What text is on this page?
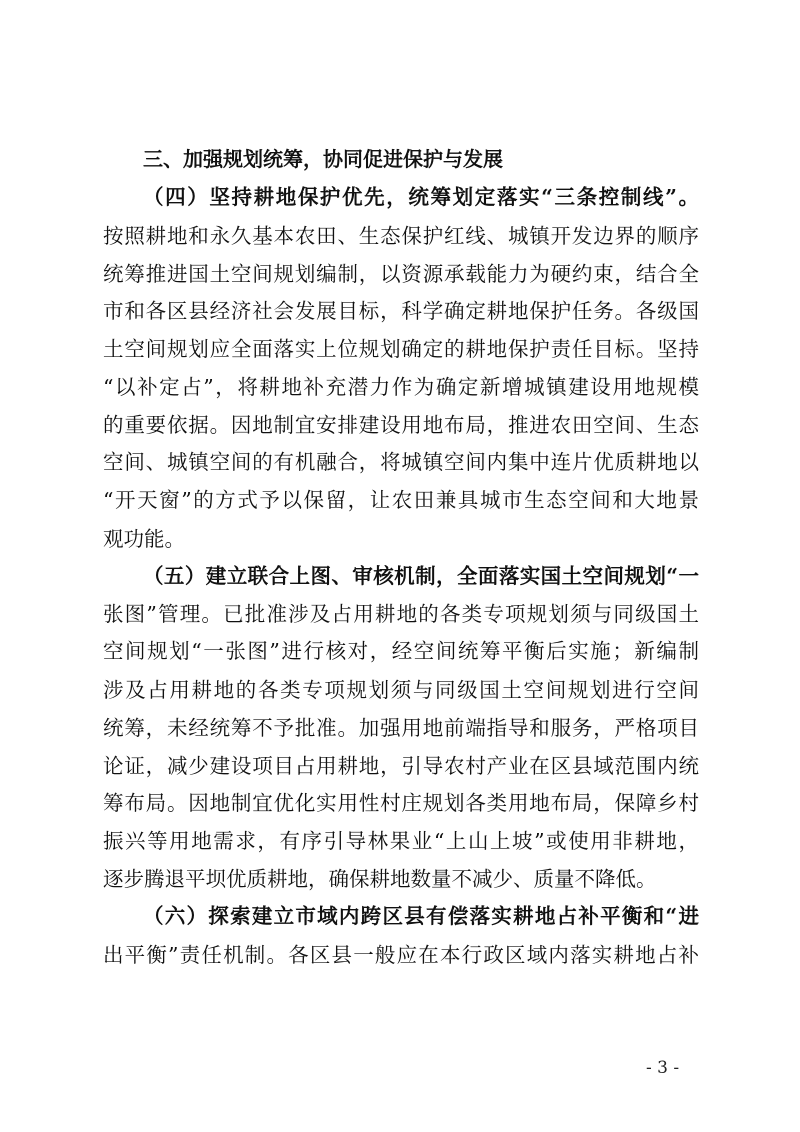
三、加强规划统筹，协同促进保护与发展
（四）坚持耕地保护优先，统筹划定落实“三条控制线”。
按照耕地和永久基本农田、生态保护红线、城镇开发边界的顺序
统筹推进国土空间规划编制，以资源承载能力为硬约束，结合全
市和各区县经济社会发展目标，科学确定耕地保护任务。各级国
土空间规划应全面落实上位规划确定的耕地保护责任目标。坚持
“以补定占”，将耕地补充潜力作为确定新增城镇建设用地规模
的重要依据。因地制宜安排建设用地布局，推进农田空间、生态
空间、城镇空间的有机融合，将城镇空间内集中连片优质耕地以
“开天窗”的方式予以保留，让农田兼具城市生态空间和大地景
观功能。
（五）建立联合上图、审核机制，全面落实国土空间规划“一
张图”管理。已批准涉及占用耕地的各类专项规划须与同级国土
空间规划“一张图”进行核对，经空间统筹平衡后实施；新编制
涉及占用耕地的各类专项规划须与同级国土空间规划进行空间
统筹，未经统筹不予批准。加强用地前端指导和服务，严格项目
论证，减少建设项目占用耕地，引导农村产业在区县域范围内统
筹布局。因地制宜优化实用性村庄规划各类用地布局，保障乡村
振兴等用地需求，有序引导林果业“上山上坡”或使用非耕地，
逐步腾退平坝优质耕地，确保耕地数量不减少、质量不降低。
（六）探索建立市域内跨区县有偿落实耕地占补平衡和“进
出平衡”责任机制。各区县一般应在本行政区域内落实耕地占补
- 3 -
